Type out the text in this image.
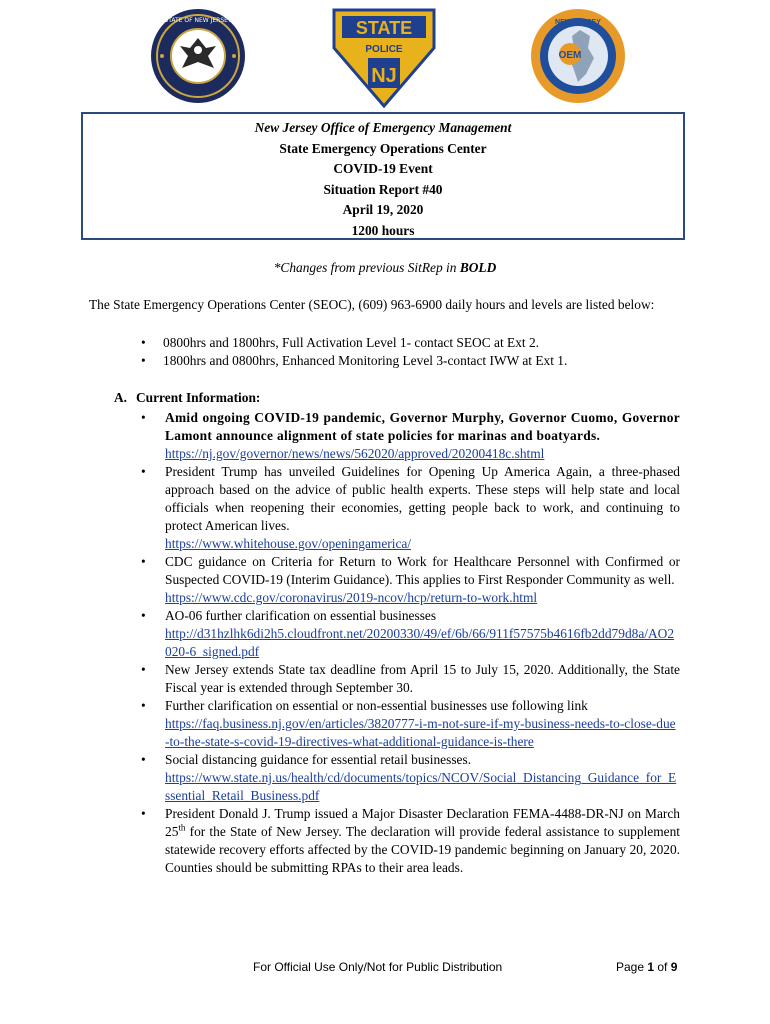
STATE OF NEW JERSEY	STATE
POLICE
NJ
OEM
NEW JERSEY
New Jersey Office of Emergency Management
State Emergency Operations Center
COVID-19 Event
Situation Report #40
April 19, 2020
1200 hours
*Changes from previous SitRep in BOLD
The State Emergency Operations Center (SEOC), (609) 963-6900 daily hours and levels are listed below:
• 0800hrs and 1800hrs, Full Activation Level 1- contact SEOC at Ext 2.
• 1800hrs and 0800hrs, Enhanced Monitoring Level 3-contact IWW at Ext 1.
A. Current Information:
• Amid ongoing COVID-19 pandemic, Governor Murphy, Governor Cuomo, Governor Lamont announce alignment of state policies for marinas and boatyards.
https://nj.gov/governor/news/news/562020/approved/20200418c.shtml
• President Trump has unveiled Guidelines for Opening Up America Again, a three-phased approach based on the advice of public health experts. These steps will help state and local officials when reopening their economies, getting people back to work, and continuing to protect American lives.
https://www.whitehouse.gov/openingamerica/
• CDC guidance on Criteria for Return to Work for Healthcare Personnel with Confirmed or Suspected COVID-19 (Interim Guidance). This applies to First Responder Community as well.
https://www.cdc.gov/coronavirus/2019-ncov/hcp/return-to-work.html
• AO-06 further clarification on essential businesses
http://d31hzlhk6di2h5.cloudfront.net/20200330/49/ef/6b/66/911f57575b4616fb2dd79d8a/AO2020-6_signed.pdf
• New Jersey extends State tax deadline from April 15 to July 15, 2020. Additionally, the State Fiscal year is extended through September 30.
• Further clarification on essential or non-essential businesses use following link
https://faq.business.nj.gov/en/articles/3820777-i-m-not-sure-if-my-business-needs-to-close-due-to-the-state-s-covid-19-directives-what-additional-guidance-is-there
• Social distancing guidance for essential retail businesses.
https://www.state.nj.us/health/cd/documents/topics/NCOV/Social_Distancing_Guidance_for_Essential_Retail_Business.pdf
• President Donald J. Trump issued a Major Disaster Declaration FEMA-4488-DR-NJ on March 25th for the State of New Jersey. The declaration will provide federal assistance to supplement statewide recovery efforts affected by the COVID-19 pandemic beginning on January 20, 2020. Counties should be submitting RPAs to their area leads.
For Official Use Only/Not for Public Distribution	Page 1 of 9
